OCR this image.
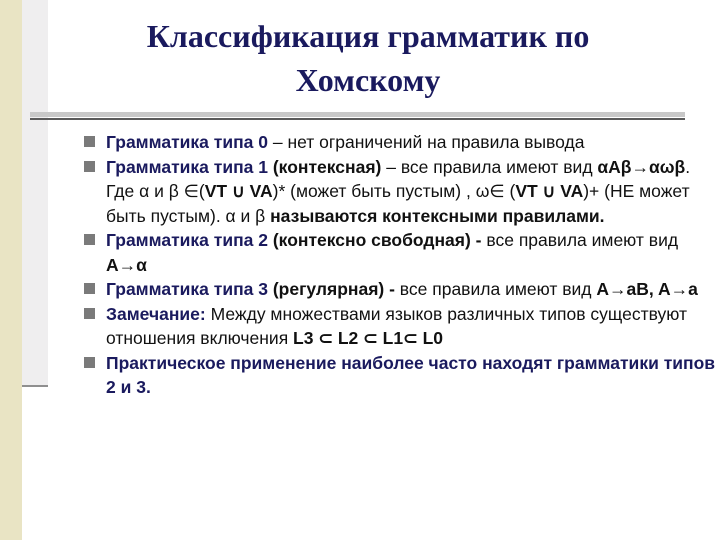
Классификация грамматик по
Хомскому
Грамматика типа 0 – нет ограничений на правила вывода
Грамматика типа 1 (контексная) – все правила имеют вид αAβ→αωβ. Где α и β ∈(VT ∪ VA)* (может быть пустым) , ω∈ (VT ∪ VA)+ (НЕ может быть пустым). α и β называются контексными правилами.
Грамматика типа 2 (контексно свободная) - все правила имеют вид A→α
Грамматика типа 3 (регулярная) - все правила имеют вид A→aB, A→a
Замечание: Между множествами языков различных типов существуют отношения включения L3 ⊂ L2 ⊂ L1⊂ L0
Практическое применение наиболее часто находят грамматики типов 2 и 3.
